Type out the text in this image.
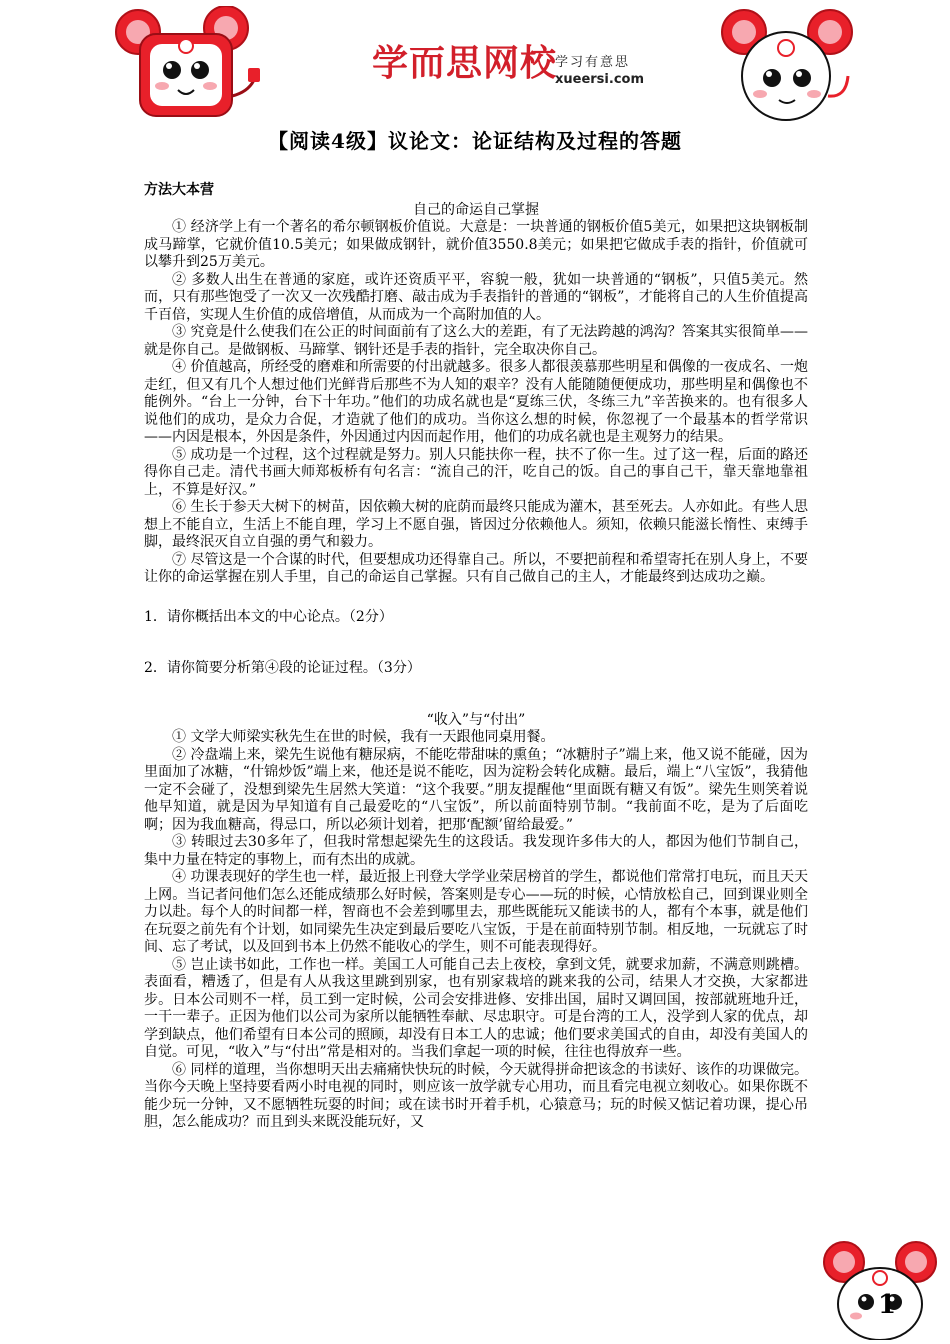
学而思网校
学习有意思
xueersi.com
【阅读4级】议论文：论证结构及过程的答题

方法大本营

自己的命运自己掌握

① 经济学上有一个著名的希尔顿钢板价值说。大意是：一块普通的钢板价值5美元，如果把这块钢板制成马蹄掌，它就价值10.5美元；如果做成钢针，就价值3550.8美元；如果把它做成手表的指针，价值就可以攀升到25万美元。

② 多数人出生在普通的家庭，或许还资质平平，容貌一般，犹如一块普通的“钢板”，只值5美元。然而，只有那些饱受了一次又一次残酷打磨、敲击成为手表指针的普通的“钢板”，才能将自己的人生价值提高千百倍，实现人生价值的成倍增值，从而成为一个高附加值的人。

③ 究竟是什么使我们在公正的时间面前有了这么大的差距，有了无法跨越的鸿沟？答案其实很简单——就是你自己。是做钢板、马蹄掌、钢针还是手表的指针，完全取决你自己。

④ 价值越高，所经受的磨难和所需要的付出就越多。很多人都很羡慕那些明星和偶像的一夜成名、一炮走红，但又有几个人想过他们光鲜背后那些不为人知的艰辛？没有人能随随便便成功，那些明星和偶像也不能例外。“台上一分钟，台下十年功。”他们的功成名就也是“夏练三伏，冬练三九”辛苦换来的。也有很多人说他们的成功，是众力合促，才造就了他们的成功。当你这么想的时候，你忽视了一个最基本的哲学常识——内因是根本，外因是条件，外因通过内因而起作用，他们的功成名就也是主观努力的结果。

⑤ 成功是一个过程，这个过程就是努力。别人只能扶你一程，扶不了你一生。过了这一程，后面的路还得你自己走。清代书画大师郑板桥有句名言：“流自己的汗，吃自己的饭。自己的事自己干，靠天靠地靠祖上，不算是好汉。”

⑥ 生长于参天大树下的树苗，因依赖大树的庇荫而最终只能成为灌木，甚至死去。人亦如此。有些人思想上不能自立，生活上不能自理，学习上不愿自强，皆因过分依赖他人。须知，依赖只能滋长惰性、束缚手脚，最终泯灭自立自强的勇气和毅力。

⑦ 尽管这是一个合谋的时代，但要想成功还得靠自己。所以，不要把前程和希望寄托在别人身上，不要让你的命运掌握在别人手里，自己的命运自己掌握。只有自己做自己的主人，才能最终到达成功之巅。

1．请你概括出本文的中心论点。（2分）

2．请你简要分析第④段的论证过程。（3分）

“收入”与“付出”

① 文学大师梁实秋先生在世的时候，我有一天跟他同桌用餐。

② 冷盘端上来，梁先生说他有糖尿病，不能吃带甜味的熏鱼；“冰糖肘子”端上来，他又说不能碰，因为里面加了冰糖，“什锦炒饭”端上来，他还是说不能吃，因为淀粉会转化成糖。最后，端上“八宝饭”，我猜他一定不会碰了，没想到梁先生居然大笑道：“这个我要。”朋友提醒他“里面既有糖又有饭”。梁先生则笑着说他早知道，就是因为早知道有自己最爱吃的“八宝饭”，所以前面特别节制。“我前面不吃，是为了后面吃啊；因为我血糖高，得忌口，所以必须计划着，把那‘配额’留给最爱。”

③ 转眼过去30多年了，但我时常想起梁先生的这段话。我发现许多伟大的人，都因为他们节制自己，集中力量在特定的事物上，而有杰出的成就。

④ 功课表现好的学生也一样，最近报上刊登大学学业荣居榜首的学生，都说他们常常打电玩，而且天天上网。当记者问他们怎么还能成绩那么好时候，答案则是专心——玩的时候，心情放松自己，回到课业则全力以赴。每个人的时间都一样，智商也不会差到哪里去，那些既能玩又能读书的人，都有个本事，就是他们在玩耍之前先有个计划，如同梁先生决定到最后要吃八宝饭，于是在前面特别节制。相反地，一玩就忘了时间、忘了考试，以及回到书本上仍然不能收心的学生，则不可能表现得好。

⑤ 岂止读书如此，工作也一样。美国工人可能自己去上夜校，拿到文凭，就要求加薪，不满意则跳槽。表面看，糟透了，但是有人从我这里跳到别家，也有别家栽培的跳来我的公司，结果人才交换，大家都进步。日本公司则不一样，员工到一定时候，公司会安排进修、安排出国，届时又调回国，按部就班地升迁，一干一辈子。正因为他们以公司为家所以能牺牲奉献、尽忠职守。可是台湾的工人，没学到人家的优点，却学到缺点，他们希望有日本公司的照顾，却没有日本工人的忠诚；他们要求美国式的自由，却没有美国人的自觉。可见，“收入”与“付出”常是相对的。当我们拿起一项的时候，往往也得放弃一些。

⑥ 同样的道理，当你想明天出去痛痛快快玩的时候，今天就得拼命把该念的书读好、该作的功课做完。当你今天晚上坚持要看两小时电视的同时，则应该一放学就专心用功，而且看完电视立刻收心。如果你既不能少玩一分钟，又不愿牺牲玩耍的时间；或在读书时开着手机，心猿意马；玩的时候又惦记着功课，提心吊胆，怎么能成功？而且到头来既没能玩好，又

1
